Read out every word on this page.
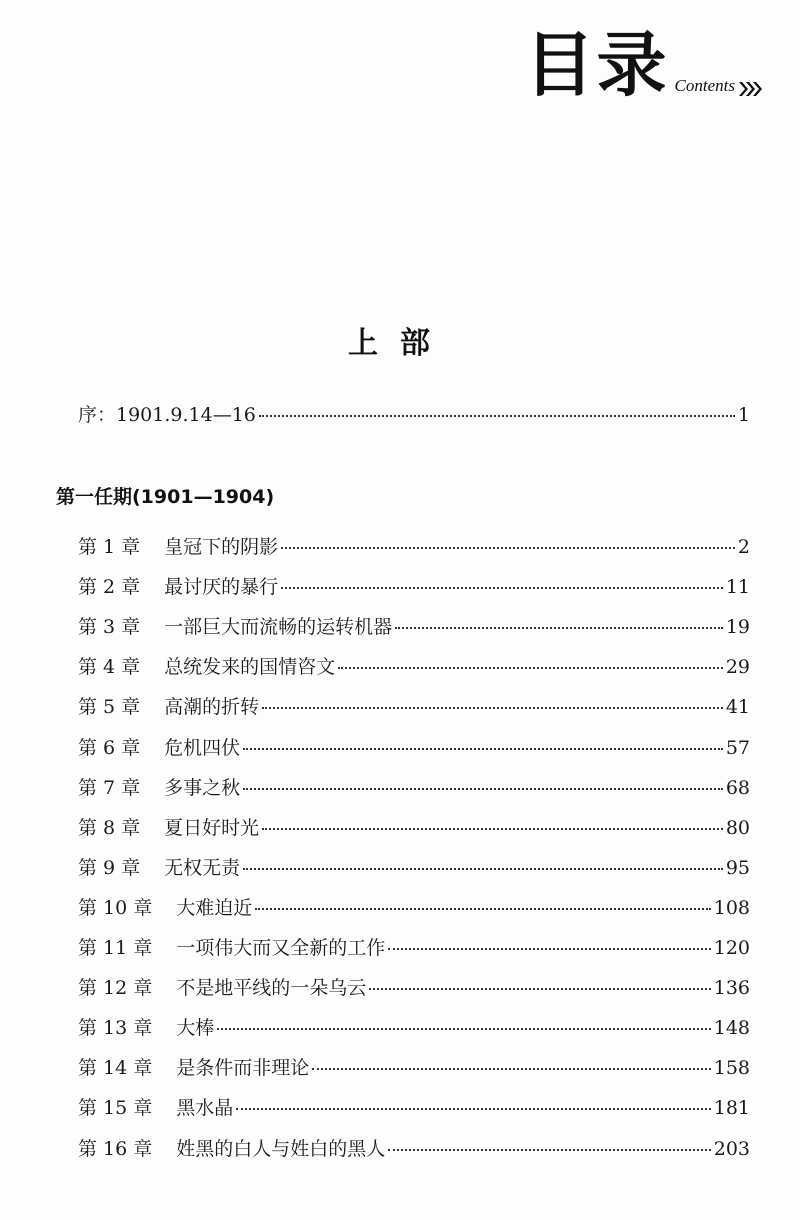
目录 Contents
上部
序：1901.9.14—16	1
第一任期(1901—1904)
第 1 章 皇冠下的阴影	2
第 2 章 最讨厌的暴行	11
第 3 章 一部巨大而流畅的运转机器	19
第 4 章 总统发来的国情咨文	29
第 5 章 高潮的折转	41
第 6 章 危机四伏	57
第 7 章 多事之秋	68
第 8 章 夏日好时光	80
第 9 章 无权无责	95
第 10 章 大难迫近	108
第 11 章 一项伟大而又全新的工作	120
第 12 章 不是地平线的一朵乌云	136
第 13 章 大棒	148
第 14 章 是条件而非理论	158
第 15 章 黑水晶	181
第 16 章 姓黑的白人与姓白的黑人	203
